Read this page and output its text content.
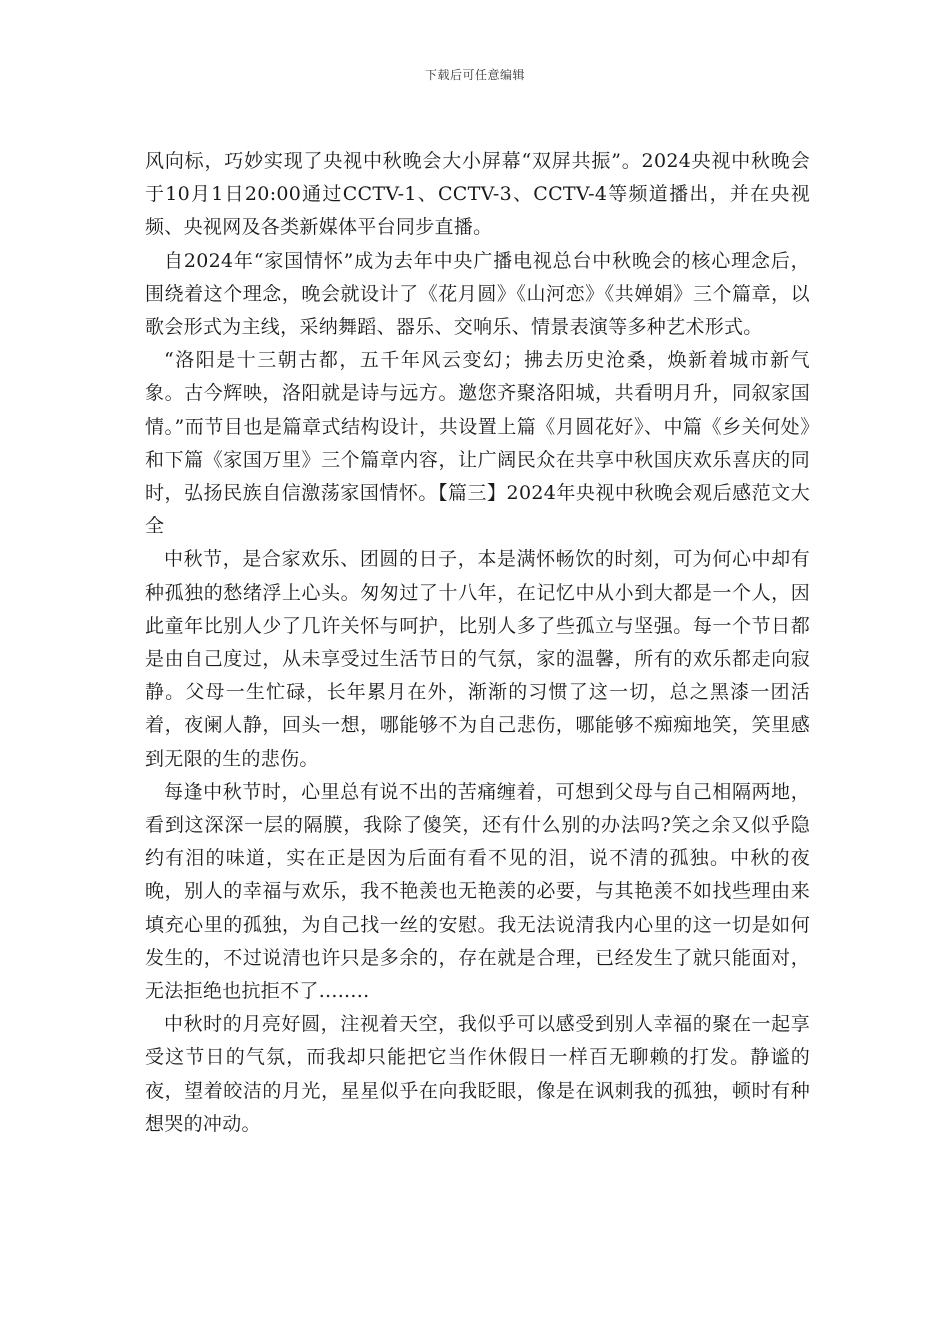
下载后可任意编辑

风向标，巧妙实现了央视中秋晚会大小屏幕“双屏共振”。2024央视中秋晚会于10月1日20:00通过CCTV-1、CCTV-3、CCTV-4等频道播出，并在央视频、央视网及各类新媒体平台同步直播。

自2024年“家国情怀”成为去年中央广播电视总台中秋晚会的核心理念后，围绕着这个理念，晚会就设计了《花月圆》《山河恋》《共婵娟》三个篇章，以歌会形式为主线，采纳舞蹈、器乐、交响乐、情景表演等多种艺术形式。

“洛阳是十三朝古都，五千年风云变幻；拂去历史沧桑，焕新着城市新气象。古今辉映，洛阳就是诗与远方。邀您齐聚洛阳城，共看明月升，同叙家国情。”而节目也是篇章式结构设计，共设置上篇《月圆花好》、中篇《乡关何处》和下篇《家国万里》三个篇章内容，让广阔民众在共享中秋国庆欢乐喜庆的同时，弘扬民族自信激荡家国情怀。【篇三】2024年央视中秋晚会观后感范文大全

中秋节，是合家欢乐、团圆的日子，本是满怀畅饮的时刻，可为何心中却有种孤独的愁绪浮上心头。匆匆过了十八年，在记忆中从小到大都是一个人，因此童年比别人少了几许关怀与呵护，比别人多了些孤立与坚强。每一个节日都是由自己度过，从未享受过生活节日的气氛，家的温馨，所有的欢乐都走向寂静。父母一生忙碌，长年累月在外，渐渐的习惯了这一切，总之黑漆一团活着，夜阑人静，回头一想，哪能够不为自己悲伤，哪能够不痴痴地笑，笑里感到无限的生的悲伤。

每逢中秋节时，心里总有说不出的苦痛缠着，可想到父母与自己相隔两地，看到这深深一层的隔膜，我除了傻笑，还有什么别的办法吗?笑之余又似乎隐约有泪的味道，实在正是因为后面有看不见的泪，说不清的孤独。中秋的夜晚，别人的幸福与欢乐，我不艳羡也无艳羡的必要，与其艳羡不如找些理由来填充心里的孤独，为自己找一丝的安慰。我无法说清我内心里的这一切是如何发生的，不过说清也许只是多余的，存在就是合理，已经发生了就只能面对，无法拒绝也抗拒不了........

中秋时的月亮好圆，注视着天空，我似乎可以感受到别人幸福的聚在一起享受这节日的气氛，而我却只能把它当作休假日一样百无聊赖的打发。静谧的夜，望着皎洁的月光，星星似乎在向我眨眼，像是在讽刺我的孤独，顿时有种想哭的冲动。
